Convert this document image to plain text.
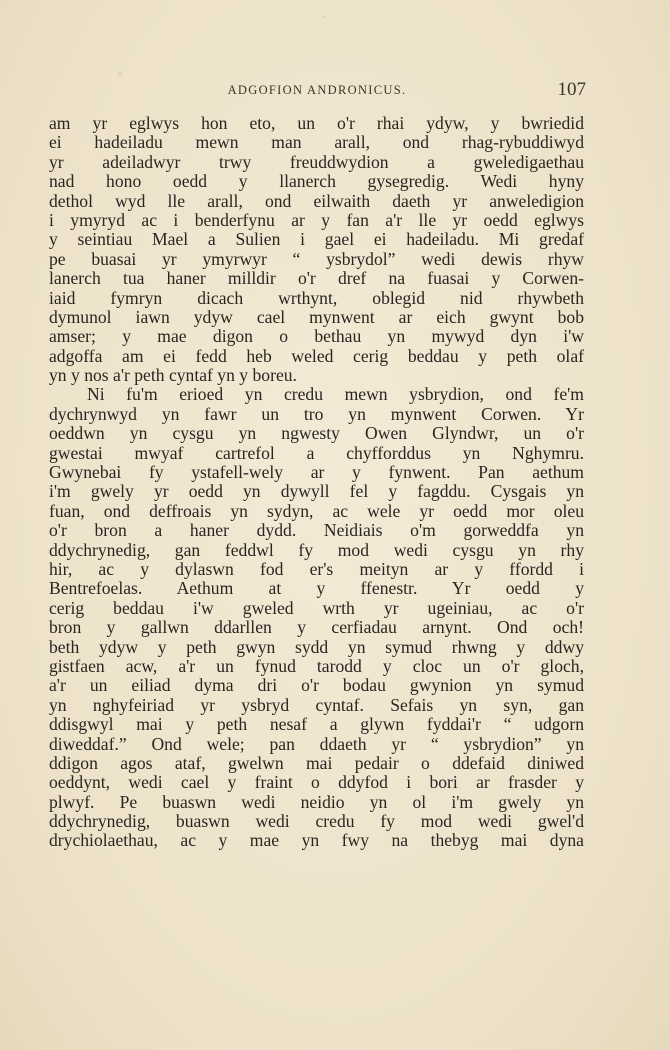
ADGOFION ANDRONICUS.	107
am yr eglwys hon eto, un o'r rhai ydyw, y bwriedid
ei hadeiladu mewn man arall, ond rhag-rybuddiwyd
yr adeiladwyr trwy freuddwydion a gweledigaethau
nad hono oedd y llanerch gysegredig. Wedi hyny
dethol wyd lle arall, ond eilwaith daeth yr anweledigion
i ymyryd ac i benderfynu ar y fan a'r lle yr oedd eglwys
y seintiau Mael a Sulien i gael ei hadeiladu. Mi gredaf
pe buasai yr ymyrwyr “ ysbrydol” wedi dewis rhyw
lanerch tua haner milldir o'r dref na fuasai y Corwen-
iaid fymryn dicach wrthynt, oblegid nid rhywbeth
dymunol iawn ydyw cael mynwent ar eich gwynt bob
amser; y mae digon o bethau yn mywyd dyn i'w
adgoffa am ei fedd heb weled cerig beddau y peth olaf
yn y nos a'r peth cyntaf yn y boreu.
Ni fu'm erioed yn credu mewn ysbrydion, ond fe'm
dychrynwyd yn fawr un tro yn mynwent Corwen. Yr
oeddwn yn cysgu yn ngwesty Owen Glyndwr, un o'r
gwestai mwyaf cartrefol a chyfforddus yn Nghymru.
Gwynebai fy ystafell-wely ar y fynwent. Pan aethum
i'm gwely yr oedd yn dywyll fel y fagddu. Cysgais yn
fuan, ond deffroais yn sydyn, ac wele yr oedd mor oleu
o'r bron a haner dydd. Neidiais o'm gorweddfa yn
ddychrynedig, gan feddwl fy mod wedi cysgu yn rhy
hir, ac y dylaswn fod er's meityn ar y ffordd i
Bentrefoelas. Aethum at y ffenestr. Yr oedd y
cerig beddau i'w gweled wrth yr ugeiniau, ac o'r
bron y gallwn ddarllen y cerfiadau arnynt. Ond och!
beth ydyw y peth gwyn sydd yn symud rhwng y ddwy
gistfaen acw, a'r un fynud tarodd y cloc un o'r gloch,
a'r un eiliad dyma dri o'r bodau gwynion yn symud
yn nghyfeiriad yr ysbryd cyntaf. Sefais yn syn, gan
ddisgwyl mai y peth nesaf a glywn fyddai'r “ udgorn
diweddaf.” Ond wele; pan ddaeth yr “ ysbrydion” yn
ddigon agos ataf, gwelwn mai pedair o ddefaid diniwed
oeddynt, wedi cael y fraint o ddyfod i bori ar frasder y
plwyf. Pe buaswn wedi neidio yn ol i'm gwely yn
ddychrynedig, buaswn wedi credu fy mod wedi gwel'd
drychiolaethau, ac y mae yn fwy na thebyg mai dyna
